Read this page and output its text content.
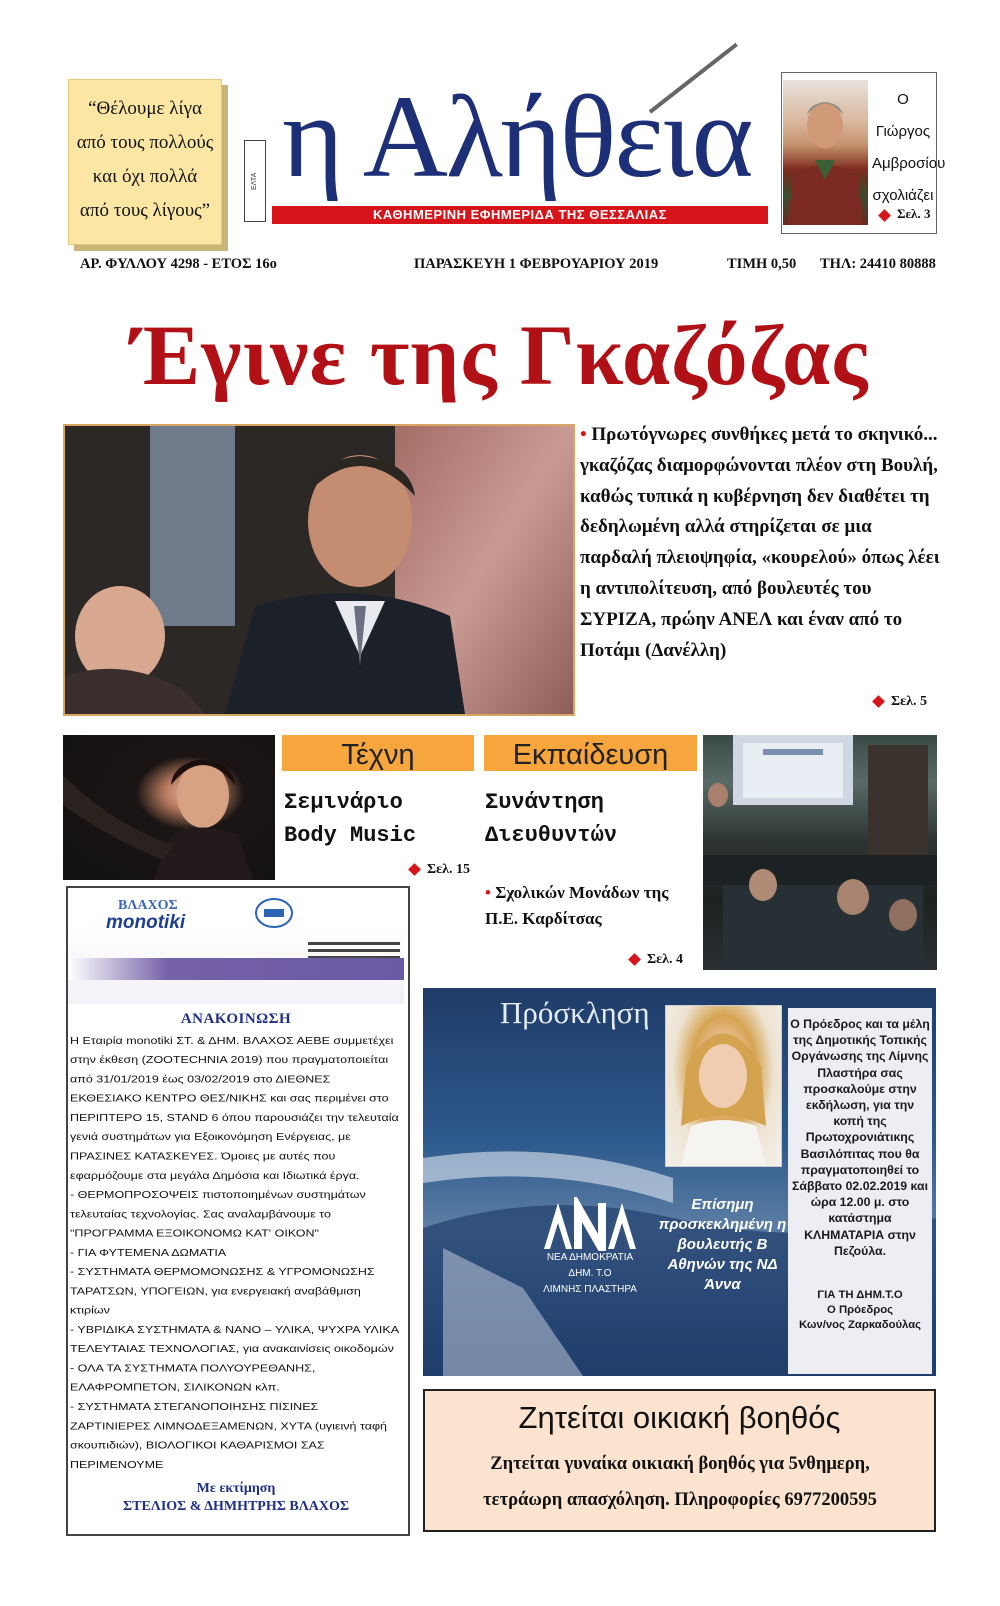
“Θέλουμε λίγα
από τους πολλούς
και όχι πολλά
από τους λίγους”
ΕΛΤΑ η Αλήθεια
ΚΑΘΗΜΕΡΙΝΗ ΕΦΗΜΕΡΙΔΑ ΤΗΣ ΘΕΣΣΑΛΙΑΣ
Ο Γιώργος
Αμβροσίου
σχολιάζει
Σελ. 3
ΑΡ. ΦΥΛΛΟΥ 4298 - ΕΤΟΣ 16ο	ΠΑΡΑΣΚΕΥΗ 1 ΦΕΒΡΟΥΑΡΙΟΥ 2019	ΤΙΜΗ 0,50 ΤΗΛ: 24410 80888
Έγινε της Γκαζόζας
• Πρωτόγνωρες συνθήκες μετά το σκηνικό... γκαζόζας διαμορφώνονται πλέον στη Βουλή, καθώς τυπικά η κυβέρνηση δεν διαθέτει τη δεδηλωμένη αλλά στηρίζεται σε μια παρδαλή πλειοψηφία, «κουρελού» όπως λέει η αντιπολίτευση, από βουλευτές του ΣΥΡΙΖΑ, πρώην ΑΝΕΛ και έναν από το Ποτάμι (Δανέλλη)
Σελ. 5
Τέχνη
Σεμινάριο
Body Music
Σελ. 15
Εκπαίδευση
Συνάντηση
Διευθυντών
• Σχολικών Μονάδων της Π.Ε. Καρδίτσας
Σελ. 4
ΒΛΑΧΟΣ
monotiki
ΑΝΑΚΟΙΝΩΣΗ

Η Εταιρία monotiki ΣΤ. & ΔΗΜ. ΒΛΑΧΟΣ ΑΕΒΕ συμμετέχει στην έκθεση (ZOOTECHNIA 2019) που πραγματοποιείται από 31/01/2019 έως 03/02/2019 στο ΔΙΕΘΝΕΣ ΕΚΘΕΣΙΑΚΟ ΚΕΝΤΡΟ ΘΕΣ/ΝΙΚΗΣ και σας περιμένει στο ΠΕΡΙΠΤΕΡΟ 15, STAND 6 όπου παρουσιάζει την τελευταία γενιά συστημάτων για Εξοικονόμηση Ενέργειας, με ΠΡΑΣΙΝΕΣ ΚΑΤΑΣΚΕΥΕΣ. Όμοιες με αυτές που εφαρμόζουμε στα μεγάλα Δημόσια και Ιδιωτικά έργα.

- ΘΕΡΜΟΠΡΟΣΟΨΕΙΣ πιστοποιημένων συστημάτων τελευταίας τεχνολογίας. Σας αναλαμβάνουμε το "ΠΡΟΓΡΑΜΜΑ ΕΞΟΙΚΟΝΟΜΩ ΚΑΤ' ΟΙΚΟΝ"

- ΓΙΑ ΦΥΤΕΜΕΝΑ ΔΩΜΑΤΙΑ

- ΣΥΣΤΗΜΑΤΑ ΘΕΡΜΟΜΟΝΩΣΗΣ & ΥΓΡΟΜΟΝΩΣΗΣ ΤΑΡΑΤΣΩΝ, ΥΠΟΓΕΙΩΝ, για ενεργειακή αναβάθμιση κτιρίων

- ΥΒΡΙΔΙΚΑ ΣΥΣΤΗΜΑΤΑ & ΝΑΝΟ – ΥΛΙΚΑ, ΨΥΧΡΑ ΥΛΙΚΑ ΤΕΛΕΥΤΑΙΑΣ ΤΕΧΝΟΛΟΓΙΑΣ, για ανακαινίσεις οικοδομών

- ΟΛΑ ΤΑ ΣΥΣΤΗΜΑΤΑ ΠΟΛΥΟΥΡΕΘΑΝΗΣ, ΕΛΑΦΡΟΜΠΕΤΟΝ, ΣΙΛΙΚΟΝΩΝ κλπ.

- ΣΥΣΤΗΜΑΤΑ ΣΤΕΓΑΝΟΠΟΙΗΣΗΣ ΠΙΣΙΝΕΣ ΖΑΡΤΙΝΙΕΡΕΣ ΛΙΜΝΟΔΕΞΑΜΕΝΩΝ, ΧΥΤΑ (υγιεινή ταφή σκουπιδιών), ΒΙΟΛΟΓΙΚΟΙ ΚΑΘΑΡΙΣΜΟΙ ΣΑΣ ΠΕΡΙΜΕΝΟΥΜΕ

Με εκτίμηση
ΣΤΕΛΙΟΣ & ΔΗΜΗΤΡΗΣ ΒΛΑΧΟΣ
Πρόσκληση
ΝΕΑ ΔΗΜΟΚΡΑΤΙΑ
ΔΗΜ. Τ.Ο
ΛΙΜΝΗΣ ΠΛΑΣΤΗΡΑ
Επίσημη προσκεκλημένη η βουλευτής Β Αθηνών της ΝΔ Άννα
Ο Πρόεδρος και τα μέλη της Δημοτικής Τοπικής Οργάνωσης της Λίμνης Πλαστήρα σας προσκαλούμε στην εκδήλωση, για την κοπή της Πρωτοχρονιάτικης Βασιλόπιτας που θα πραγματοποιηθεί το Σάββατο 02.02.2019 και ώρα 12.00 μ. στο κατάστημα ΚΛΗΜΑΤΑΡΙΑ στην Πεζούλα.
ΓΙΑ ΤΗ ΔΗΜ.Τ.Ο
Ο Πρόεδρος
Κων/νος Ζαρκαδούλας
Ζητείται οικιακή βοηθός
Ζητείται γυναίκα οικιακή βοηθός για 5νθημερη,
τετράωρη απασχόληση. Πληροφορίες 6977200595
